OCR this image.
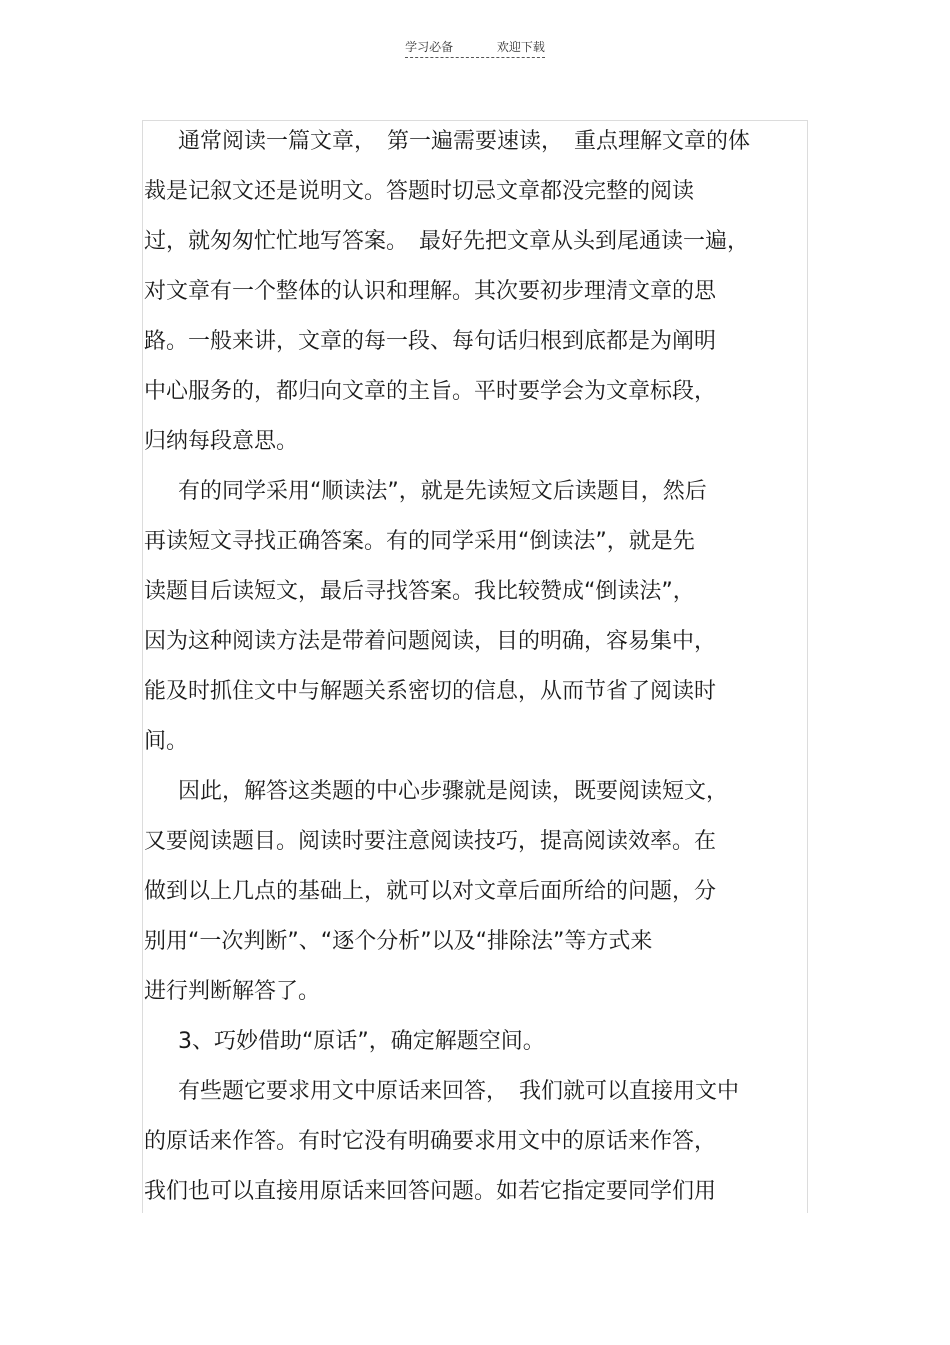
学习必备	欢迎下载
通常阅读一篇文章，　第一遍需要速读，　重点理解文章的体
裁是记叙文还是说明文。答题时切忌文章都没完整的阅读
过，就匆匆忙忙地写答案。　最好先把文章从头到尾通读一遍，
对文章有一个整体的认识和理解。其次要初步理清文章的思
路。一般来讲，文章的每一段、每句话归根到底都是为阐明
中心服务的，都归向文章的主旨。平时要学会为文章标段，
归纳每段意思。
有的同学采用“顺读法”，就是先读短文后读题目，然后
再读短文寻找正确答案。有的同学采用“倒读法”，就是先
读题目后读短文，最后寻找答案。我比较赞成“倒读法”，
因为这种阅读方法是带着问题阅读，目的明确，容易集中，
能及时抓住文中与解题关系密切的信息，从而节省了阅读时
间。
因此，解答这类题的中心步骤就是阅读，既要阅读短文，
又要阅读题目。阅读时要注意阅读技巧，提高阅读效率。在
做到以上几点的基础上，就可以对文章后面所给的问题，分
别用“一次判断”、“逐个分析”以及“排除法”等方式来
进行判断解答了。
3、巧妙借助“原话”，确定解题空间。
有些题它要求用文中原话来回答，　我们就可以直接用文中
的原话来作答。有时它没有明确要求用文中的原话来作答，
我们也可以直接用原话来回答问题。如若它指定要同学们用
